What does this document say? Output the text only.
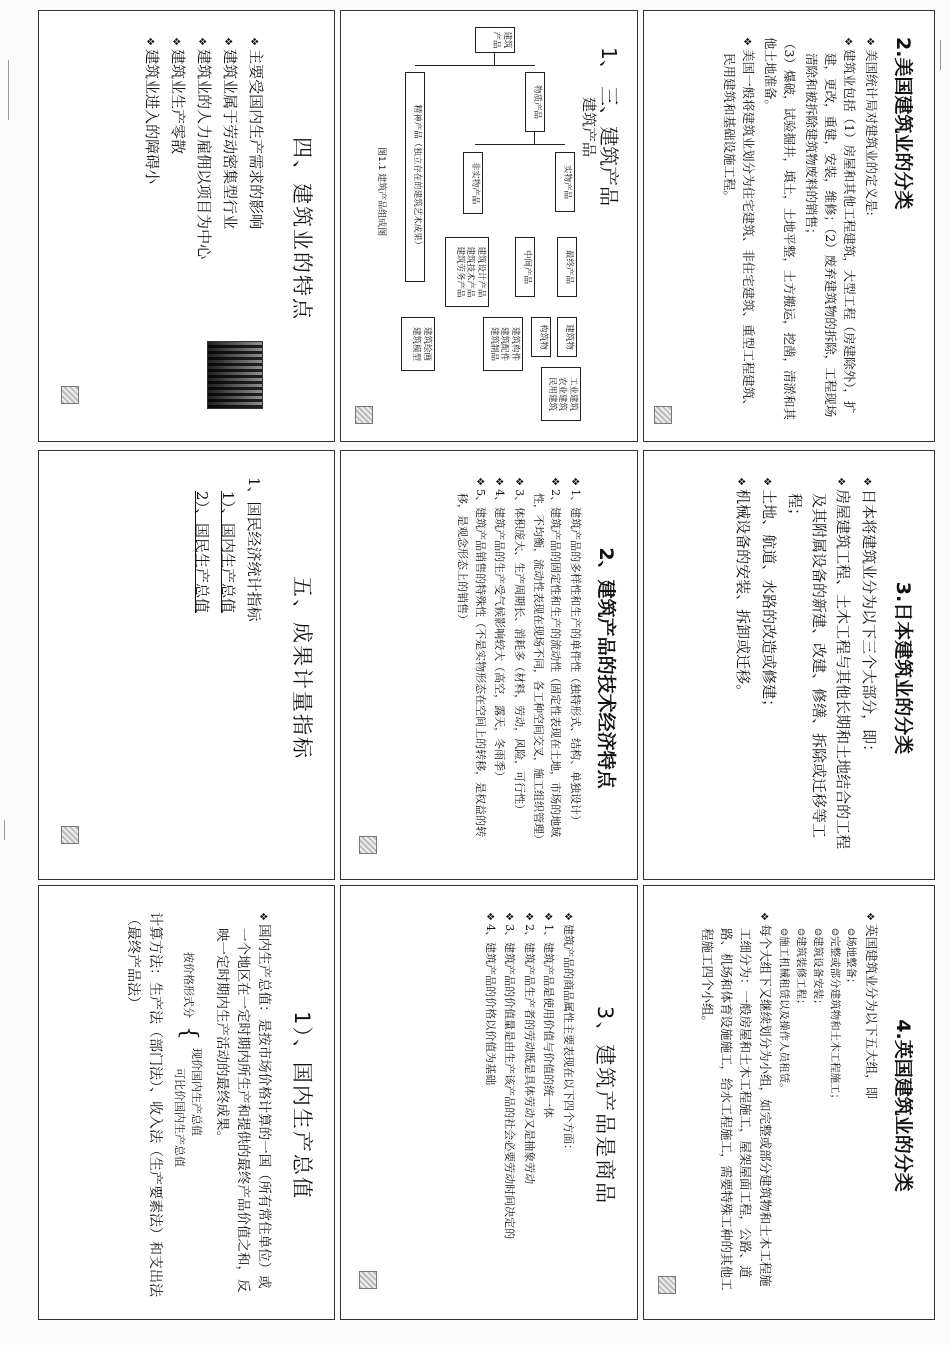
2.美国建筑业的分类
❖ 美国统计局对建筑业的定义是:
❖ 建筑业包括（1）房屋和其他工程建筑，大型工程（房建除外），扩建，更改，重建，安装，维修；（2）废弃建筑物的拆除，工程现场清除和被拆除建筑物废料的销售；
（3）爆破，试验掘井，填土，土地平整，土方搬运，挖凿，清淤和其他土地准备。
❖ 美国一般将建筑业划分为住宅建筑、非住宅建筑、重型工程建筑、民用建筑和基础设施工程。
1、 三、建筑产品
建筑产品
建筑产品
物质产品
精神产品（独立存在的建筑艺术成果）	实物产品
非实物产品
最终产品
中间产品
建筑物
构筑物
工业建筑
农业建筑
民用建筑
建筑构件
建筑配件
建筑制品
建筑设计产品
建筑技术产品
建筑劳务产品
建筑绘画
建筑模型
图1.1 建筑产品组成图
四、建筑业的特点
❖ 主要受国内生产需求的影响
❖ 建筑业属于劳动密集型行业
❖ 建筑业的人力雇佣以项目为中心
❖ 建筑业生产零散
❖ 建筑业进入的障碍小
3.日本建筑业的分类
❖ 日本将建筑业分为以下三个大部分，即：
❖ 房屋建筑工程、土木工程与其他长期和土地结合的工程及其附属设备的新建、改建、修缮、拆除或迁移等工程；
❖ 土地、航道、水路的改造或修建；
❖ 机械设备的安装、拆卸或迁移。
2、建筑产品的技术经济特点
❖ 1、建筑产品的多样性和生产的单件性（独特形式、结构、单独设计）
❖ 2、建筑产品的固定性和生产的流动性（固定性表现在土地，市场的地域性，不均衡，流动性表现在现场不同，各工种空间交叉，施工组织管理）
❖ 3、体积庞大、生产周期长、消耗多（材料，劳动，风险，可行性）
❖ 4、建筑产品的生产受气候影响较大（高空，露天，冬雨季）
❖ 5、建筑产品销售的特殊性（不是实物形态在空间上的转移，是权益的转移，是观念形态上的销售）
五、成果计量指标
1、国民经济统计指标
1）、国内生产总值
2）、国民生产总值
4.英国建筑业的分类
❖ 英国建筑业分为以下五大组，即
☺ 场地整备；
☺ 完整或部分建筑物和土木工程施工；
☺ 建筑设备安装；
☺ 建筑装修工程；
☺ 施工机械租赁以及操作人员租赁。
❖ 每个大组下又继续划分为小组，如完整或部分建筑物和土木工程施工细分为：一般房屋和土木工程施工，屋架屋面工程，公路、道路、机场和体育设施施工，给水工程施工，需要特殊工种的其他工程施工四个小组。
3、建筑产品是商品
❖ 建筑产品的商品属性主要表现在以下四个方面：
❖ 1、建筑产品是使用价值与价值的统一体
❖ 2、建筑产品生产者的劳动既是具体劳动又是抽象劳动
❖ 3、建筑产品的价值量是由生产该产品的社会必要劳动时间决定的
❖ 4、建筑产品的价格以价值为基础
1）、国内生产总值
❖ 国内生产总值：是按市场价格计算的一国（所有常住单位）或一个地区在一定时期内所生产和提供的最终产品价值之和，反映一定时期内生产活动的最终成果。
按价格形式分
{
现价国内生产总值
可比价国内生产总值
计算方法：生产法（部门法）、收入法（生产要素法）和支出法（最终产品法）
